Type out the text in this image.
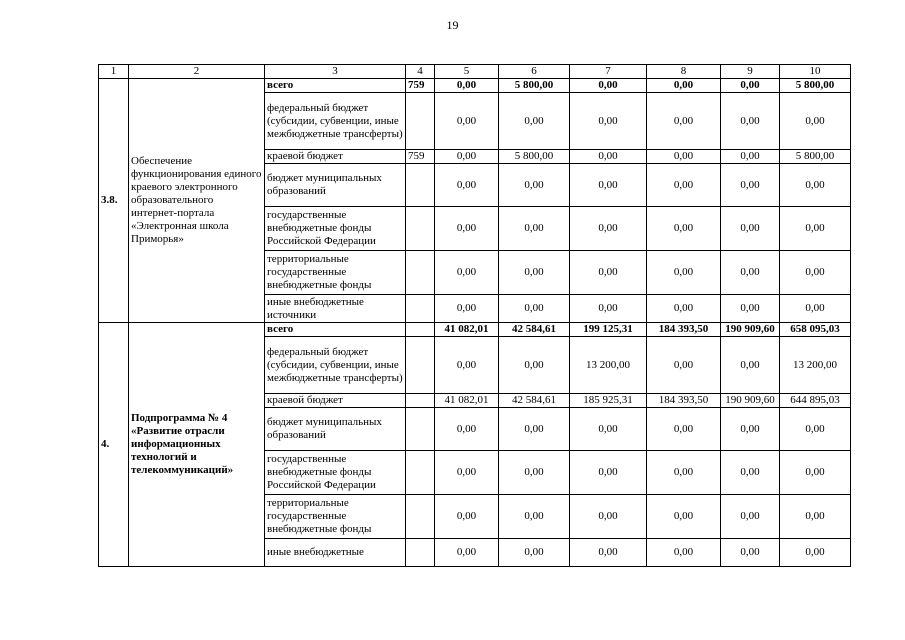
19
1	2	3	4	5	6	7	8	9	10
3.8.	Обеспечение функционирования единого краевого электронного образовательного интернет-портала «Электронная школа Приморья»	всего	759	0,00	5 800,00	0,00	0,00	0,00	5 800,00
		федеральный бюджет (субсидии, субвенции, иные межбюджетные трансферты)		0,00	0,00	0,00	0,00	0,00	0,00
		краевой бюджет	759	0,00	5 800,00	0,00	0,00	0,00	5 800,00
		бюджет муниципальных образований		0,00	0,00	0,00	0,00	0,00	0,00
		государственные внебюджетные фонды Российской Федерации		0,00	0,00	0,00	0,00	0,00	0,00
		территориальные государственные внебюджетные фонды		0,00	0,00	0,00	0,00	0,00	0,00
		иные внебюджетные источники		0,00	0,00	0,00	0,00	0,00	0,00
4.	Подпрограмма № 4 «Развитие отрасли информационных технологий и телекоммуникаций»	всего		41 082,01	42 584,61	199 125,31	184 393,50	190 909,60	658 095,03
		федеральный бюджет (субсидии, субвенции, иные межбюджетные трансферты)		0,00	0,00	13 200,00	0,00	0,00	13 200,00
		краевой бюджет		41 082,01	42 584,61	185 925,31	184 393,50	190 909,60	644 895,03
		бюджет муниципальных образований		0,00	0,00	0,00	0,00	0,00	0,00
		государственные внебюджетные фонды Российской Федерации		0,00	0,00	0,00	0,00	0,00	0,00
		территориальные государственные внебюджетные фонды		0,00	0,00	0,00	0,00	0,00	0,00
		иные внебюджетные		0,00	0,00	0,00	0,00	0,00	0,00
